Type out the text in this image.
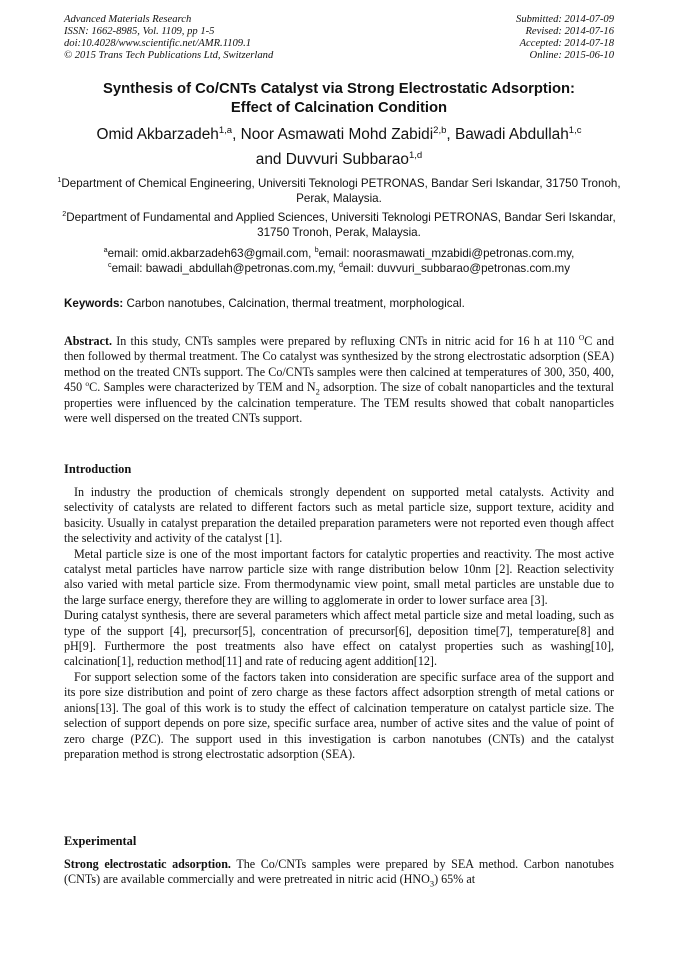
Advanced Materials Research
ISSN: 1662-8985, Vol. 1109, pp 1-5
doi:10.4028/www.scientific.net/AMR.1109.1
© 2015 Trans Tech Publications Ltd, Switzerland
Submitted: 2014-07-09
Revised: 2014-07-16
Accepted: 2014-07-18
Online: 2015-06-10
Synthesis of Co/CNTs Catalyst via Strong Electrostatic Adsorption:
Effect of Calcination Condition
Omid Akbarzadeh$^{1,a}$, Noor Asmawati Mohd Zabidi$^{2,b}$, Bawadi Abdullah$^{1,c}$
and Duvvuri Subbarao$^{1,d}$
$^1$Department of Chemical Engineering, Universiti Teknologi PETRONAS, Bandar Seri Iskandar, 31750 Tronoh, Perak, Malaysia.
$^2$Department of Fundamental and Applied Sciences, Universiti Teknologi PETRONAS, Bandar Seri Iskandar, 31750 Tronoh, Perak, Malaysia.
$^a$email: omid.akbarzadeh63@gmail.com, $^b$email: noorasmawati_mzabidi@petronas.com.my,
$^c$email: bawadi_abdullah@petronas.com.my, $^d$email: duvvuri_subbarao@petronas.com.my
Keywords: Carbon nanotubes, Calcination, thermal treatment, morphological.
Abstract. In this study, CNTs samples were prepared by refluxing CNTs in nitric acid for 16 h at 110 $^O$C and then followed by thermal treatment. The Co catalyst was synthesized by the strong electrostatic adsorption (SEA) method on the treated CNTs support. The Co/CNTs samples were then calcined at temperatures of 300, 350, 400, 450 $^o$C. Samples were characterized by TEM and $N_2$ adsorption. The size of cobalt nanoparticles and the textural properties were influenced by the calcination temperature. The TEM results showed that cobalt nanoparticles were well dispersed on the treated CNTs support.
Introduction

In industry the production of chemicals strongly dependent on supported metal catalysts. Activity and selectivity of catalysts are related to different factors such as metal particle size, support texture, acidity and basicity. Usually in catalyst preparation the detailed preparation parameters were not reported even though affect the selectivity and activity of the catalyst [1].

Metal particle size is one of the most important factors for catalytic properties and reactivity. The most active catalyst metal particles have narrow particle size with range distribution below 10nm [2]. Reaction selectivity also varied with metal particle size. From thermodynamic view point, small metal particles are unstable due to the large surface energy, therefore they are willing to agglomerate in order to lower surface area [3].

During catalyst synthesis, there are several parameters which affect metal particle size and metal loading, such as type of the support [4], precursor[5], concentration of precursor[6], deposition time[7], temperature[8] and pH[9]. Furthermore the post treatments also have effect on catalyst properties such as washing[10], calcination[1], reduction method[11] and rate of reducing agent addition[12].

For support selection some of the factors taken into consideration are specific surface area of the support and its pore size distribution and point of zero charge as these factors affect adsorption strength of metal cations or anions[13]. The goal of this work is to study the effect of calcination temperature on catalyst particle size. The selection of support depends on pore size, specific surface area, number of active sites and the value of point of zero charge (PZC). The support used in this investigation is carbon nanotubes (CNTs) and the catalyst preparation method is strong electrostatic adsorption (SEA).

Experimental
Strong electrostatic adsorption. The Co/CNTs samples were prepared by SEA method. Carbon nanotubes (CNTs) are available commercially and were pretreated in nitric acid $(HNO_3)$ 65% at
